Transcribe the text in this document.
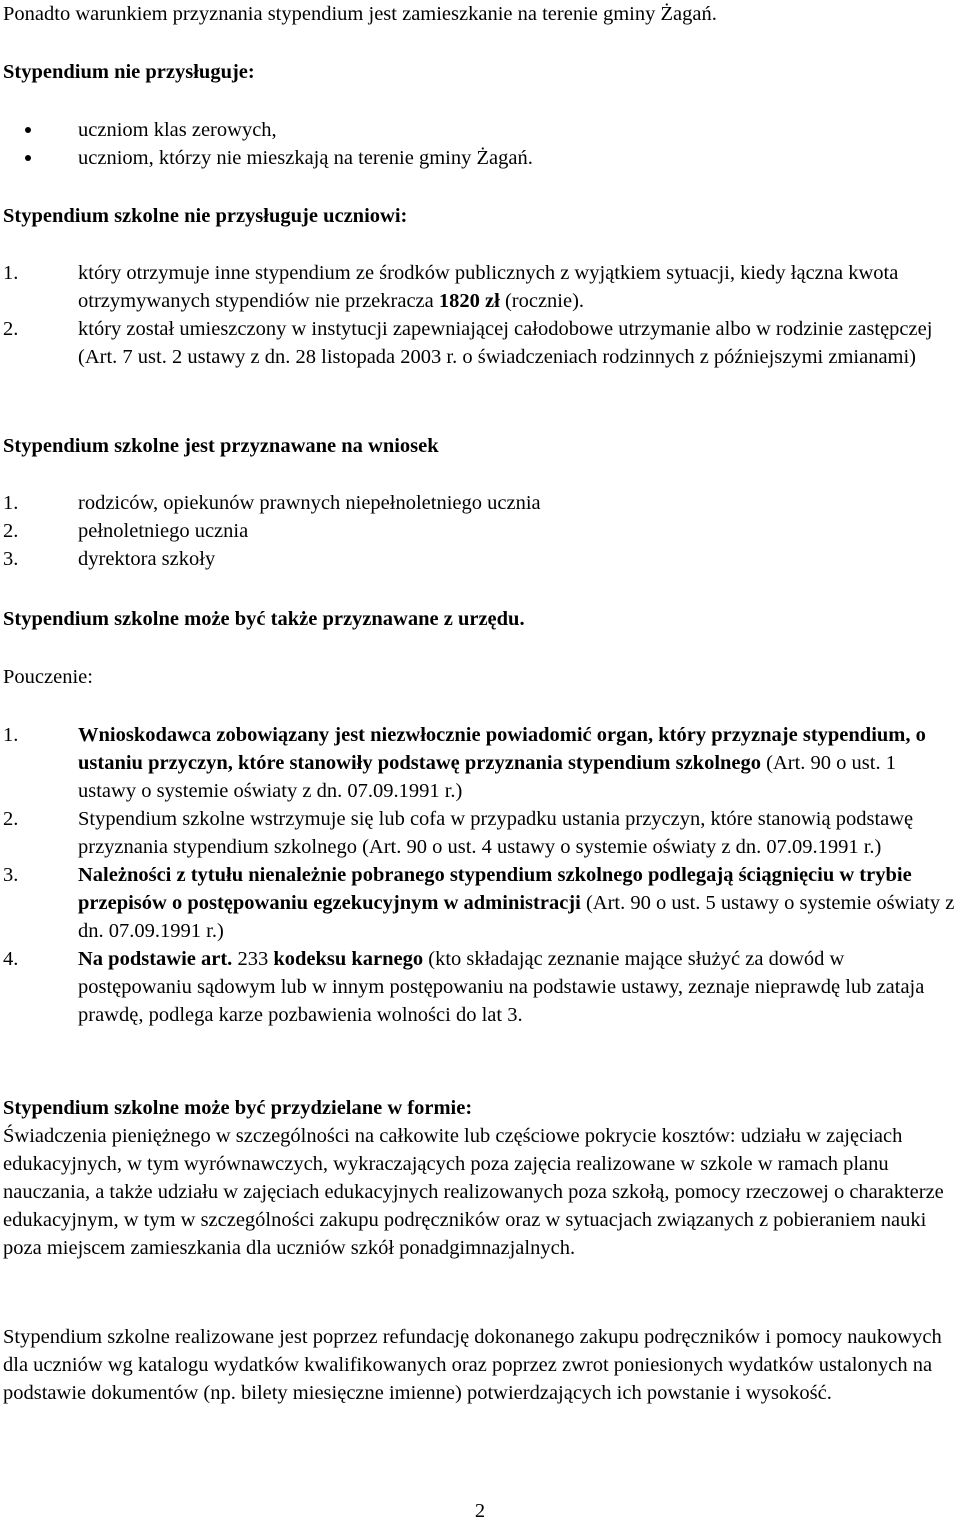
Ponadto warunkiem przyznania stypendium jest zamieszkanie na terenie gminy Żagań.

Stypendium nie przysługuje:

uczniom klas zerowych,
uczniom, którzy nie mieszkają na terenie gminy Żagań.

Stypendium szkolne nie przysługuje uczniowi:

1.	który otrzymuje inne stypendium ze środków publicznych z wyjątkiem sytuacji, kiedy łączna kwota otrzymywanych stypendiów nie przekracza 1820 zł (rocznie).
2.	który został umieszczony w instytucji zapewniającej całodobowe utrzymanie albo w rodzinie zastępczej (Art. 7 ust. 2 ustawy z dn. 28 listopada 2003 r. o świadczeniach rodzinnych z późniejszymi zmianami)

Stypendium szkolne jest przyznawane na wniosek

1.	rodziców, opiekunów prawnych niepełnoletniego ucznia
2.	pełnoletniego ucznia
3.	dyrektora szkoły

Stypendium szkolne może być także przyznawane z urzędu.

Pouczenie:

1.	Wnioskodawca zobowiązany jest niezwłocznie powiadomić organ, który przyznaje stypendium, o ustaniu przyczyn, które stanowiły podstawę przyznania stypendium szkolnego (Art. 90 o ust. 1 ustawy o systemie oświaty z dn. 07.09.1991 r.)
2.	Stypendium szkolne wstrzymuje się lub cofa w przypadku ustania przyczyn, które stanowią podstawę przyznania stypendium szkolnego (Art. 90 o ust. 4 ustawy o systemie oświaty z dn. 07.09.1991 r.)
3.	Należności z tytułu nienależnie pobranego stypendium szkolnego podlegają ściągnięciu w trybie przepisów o postępowaniu egzekucyjnym w administracji (Art. 90 o ust. 5 ustawy o systemie oświaty z dn. 07.09.1991 r.)
4.	Na podstawie art. 233 kodeksu karnego (kto składając zeznanie mające służyć za dowód w postępowaniu sądowym lub w innym postępowaniu na podstawie ustawy, zeznaje nieprawdę lub zataja prawdę, podlega karze pozbawienia wolności do lat 3.

Stypendium szkolne może być przydzielane w formie:

Świadczenia pieniężnego w szczególności na całkowite lub częściowe pokrycie kosztów: udziału w zajęciach edukacyjnych, w tym wyrównawczych, wykraczających poza zajęcia realizowane w szkole w ramach planu nauczania, a także udziału w zajęciach edukacyjnych realizowanych poza szkołą, pomocy rzeczowej o charakterze edukacyjnym, w tym w szczególności zakupu podręczników oraz w sytuacjach związanych z pobieraniem nauki poza miejscem zamieszkania dla uczniów szkół ponadgimnazjalnych.

Stypendium szkolne realizowane jest poprzez refundację dokonanego zakupu podręczników i pomocy naukowych dla uczniów wg katalogu wydatków kwalifikowanych oraz poprzez zwrot poniesionych wydatków ustalonych na podstawie dokumentów (np. bilety miesięczne imienne) potwierdzających ich powstanie i wysokość.

2
